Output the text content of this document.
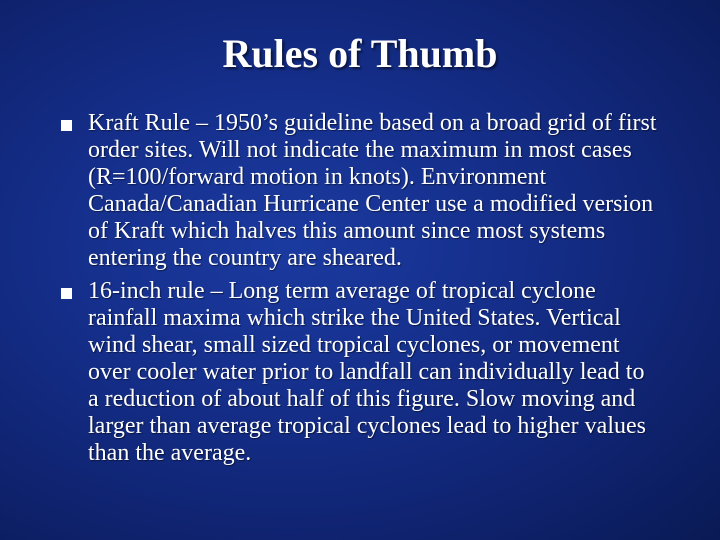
Rules of Thumb
Kraft Rule – 1950’s guideline based on a broad grid of first order sites. Will not indicate the maximum in most cases (R=100/forward motion in knots). Environment Canada/Canadian Hurricane Center use a modified version of Kraft which halves this amount since most systems entering the country are sheared.
16-inch rule – Long term average of tropical cyclone rainfall maxima which strike the United States. Vertical wind shear, small sized tropical cyclones, or movement over cooler water prior to landfall can individually lead to a reduction of about half of this figure. Slow moving and larger than average tropical cyclones lead to higher values than the average.
